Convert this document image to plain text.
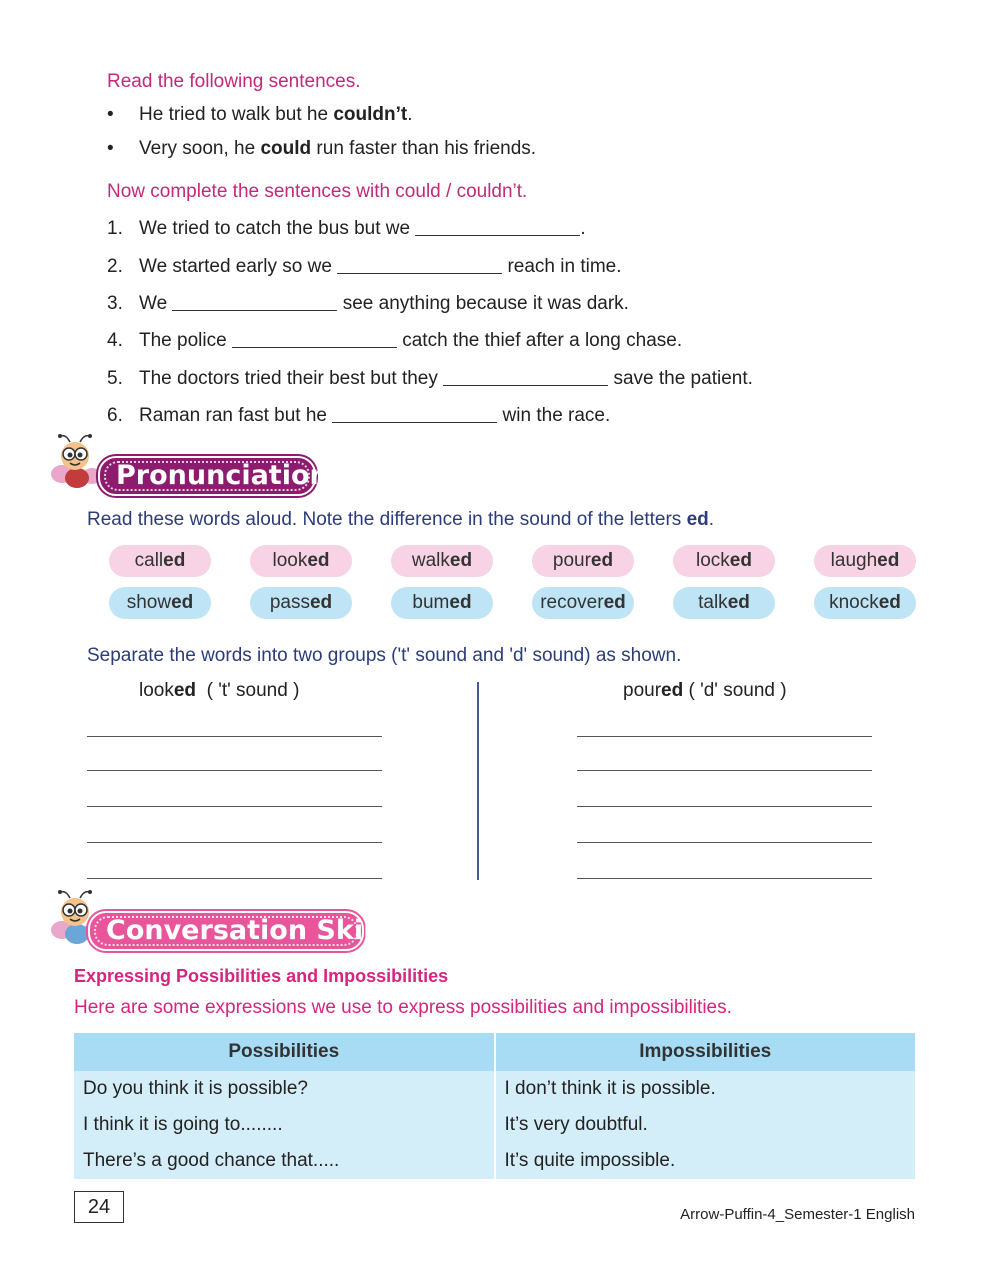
Read the following sentences.
• He tried to walk but he couldn’t.
• Very soon, he could run faster than his friends.
Now complete the sentences with could / couldn’t.
1. We tried to catch the bus but we	.
2. We started early so we	reach in time.
3. We	see anything because it was dark.
4. The police	catch the thief after a long chase.
5. The doctors tried their best but they	save the patient.
6. Raman ran fast but he	win the race.
Pronunciation
Read these words aloud. Note the difference in the sound of the letters ed.
called	looked	walked	poured	locked	laughed
showed	passed	bumed	recovered	talked	knocked
Separate the words into two groups ('t' sound and 'd' sound) as shown.
looked  ( 't' sound )	poured ( 'd' sound )
Conversation Skills
Expressing Possibilities and Impossibilities
Here are some expressions we use to express possibilities and impossibilities.
Possibilities	Impossibilities
Do you think it is possible?	I don’t think it is possible.
I think it is going to........	It’s very doubtful.
There’s a good chance that.....	It’s quite impossible.
24	Arrow-Puffin-4_Semester-1 English
